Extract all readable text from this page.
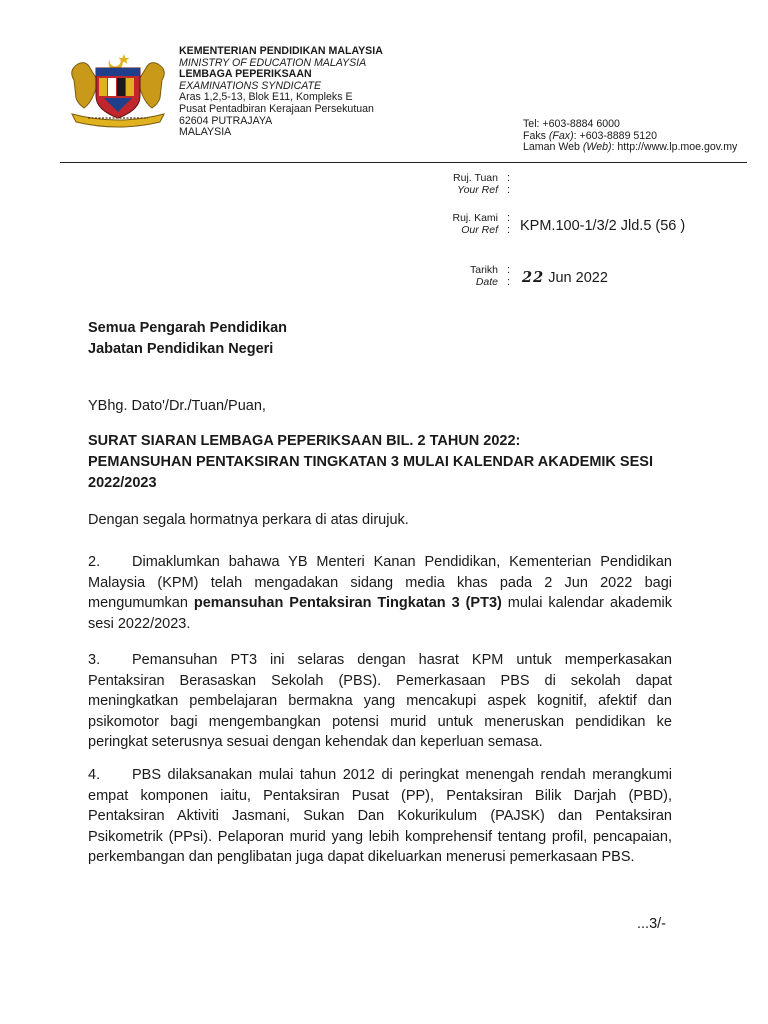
KEMENTERIAN PENDIDIKAN MALAYSIA
MINISTRY OF EDUCATION MALAYSIA
LEMBAGA PEPERIKSAAN
EXAMINATIONS SYNDICATE
Aras 1,2,5-13, Blok E11, Kompleks E
Pusat Pentadbiran Kerajaan Persekutuan
62604 PUTRAJAYA
MALAYSIA
Tel: +603-8884 6000
Faks (Fax): +603-8889 5120
Laman Web (Web): http://www.lp.moe.gov.my
Ruj. Tuan
Your Ref
:
:
Ruj. Kami
Our Ref
:
: KPM.100-1/3/2 Jld.5 (56 )
Tarikh
Date
:
: 22 Jun 2022
Semua Pengarah Pendidikan
Jabatan Pendidikan Negeri
YBhg. Dato'/Dr./Tuan/Puan,
SURAT SIARAN LEMBAGA PEPERIKSAAN BIL. 2 TAHUN 2022:
PEMANSUHAN PENTAKSIRAN TINGKATAN 3 MULAI KALENDAR AKADEMIK SESI 2022/2023
Dengan segala hormatnya perkara di atas dirujuk.
2. Dimaklumkan bahawa YB Menteri Kanan Pendidikan, Kementerian Pendidikan Malaysia (KPM) telah mengadakan sidang media khas pada 2 Jun 2022 bagi mengumumkan pemansuhan Pentaksiran Tingkatan 3 (PT3) mulai kalendar akademik sesi 2022/2023.
3. Pemansuhan PT3 ini selaras dengan hasrat KPM untuk memperkasakan Pentaksiran Berasaskan Sekolah (PBS). Pemerkasaan PBS di sekolah dapat meningkatkan pembelajaran bermakna yang mencakupi aspek kognitif, afektif dan psikomotor bagi mengembangkan potensi murid untuk meneruskan pendidikan ke peringkat seterusnya sesuai dengan kehendak dan keperluan semasa.
4. PBS dilaksanakan mulai tahun 2012 di peringkat menengah rendah merangkumi empat komponen iaitu, Pentaksiran Pusat (PP), Pentaksiran Bilik Darjah (PBD), Pentaksiran Aktiviti Jasmani, Sukan Dan Kokurikulum (PAJSK) dan Pentaksiran Psikometrik (PPsi). Pelaporan murid yang lebih komprehensif tentang profil, pencapaian, perkembangan dan penglibatan juga dapat dikeluarkan menerusi pemerkasaan PBS.
...3/-
